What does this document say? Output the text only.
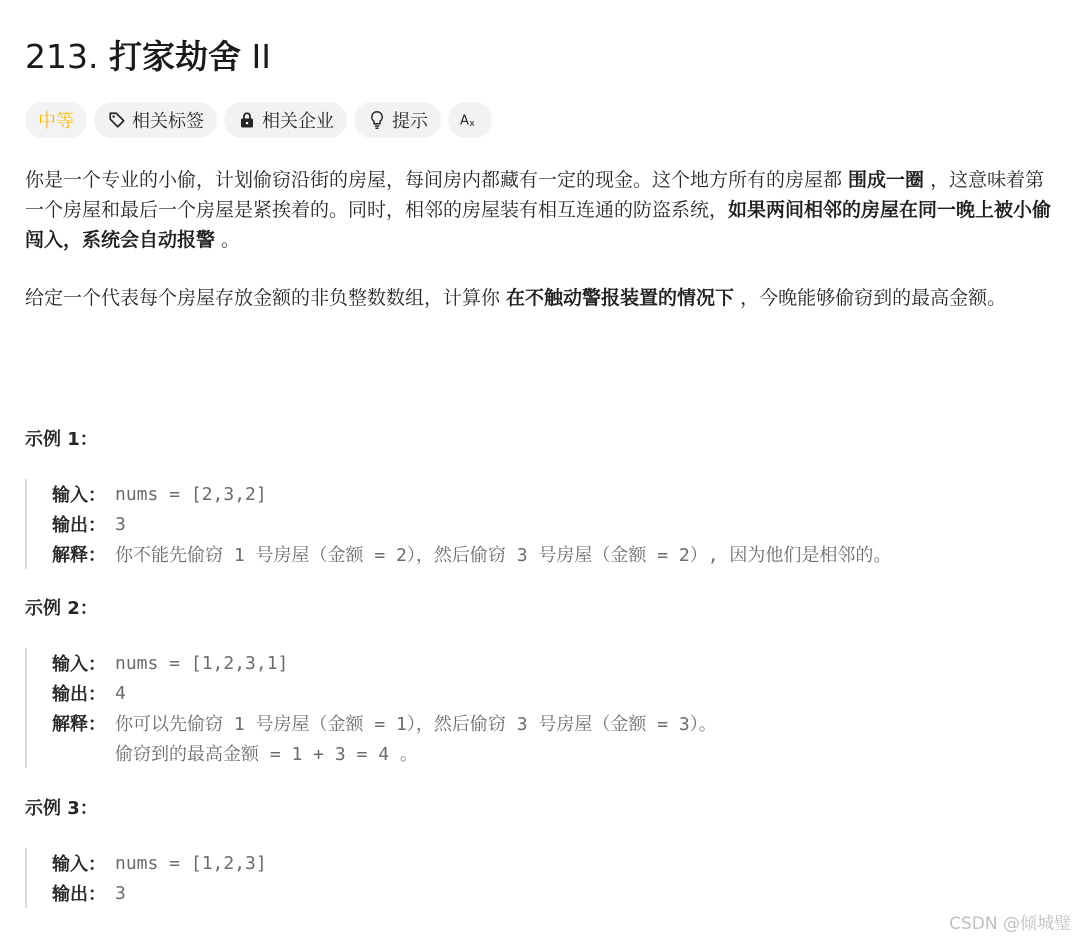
213. 打家劫舍 II
中等	相关标签	相关企业	提示 A x

你是一个专业的小偷，计划偷窃沿街的房屋，每间房内都藏有一定的现金。这个地方所有的房屋都 围成一圈 ，这意味着第一个房屋和最后一个房屋是紧挨着的。同时，相邻的房屋装有相互连通的防盗系统，如果两间相邻的房屋在同一晚上被小偷闯入，系统会自动报警 。

给定一个代表每个房屋存放金额的非负整数数组，计算你 在不触动警报装置的情况下 ，今晚能够偷窃到的最高金额。

示例 1：

输入： nums = [2,3,2]
输出： 3
解释： 你不能先偷窃 1 号房屋（金额 = 2），然后偷窃 3 号房屋（金额 = 2）, 因为他们是相邻的。

示例 2：

输入： nums = [1,2,3,1]
输出： 4
解释： 你可以先偷窃 1 号房屋（金额 = 1），然后偷窃 3 号房屋（金额 = 3）。
偷窃到的最高金额 = 1 + 3 = 4 。

示例 3：

输入： nums = [1,2,3]
输出： 3
CSDN @倾城璧
